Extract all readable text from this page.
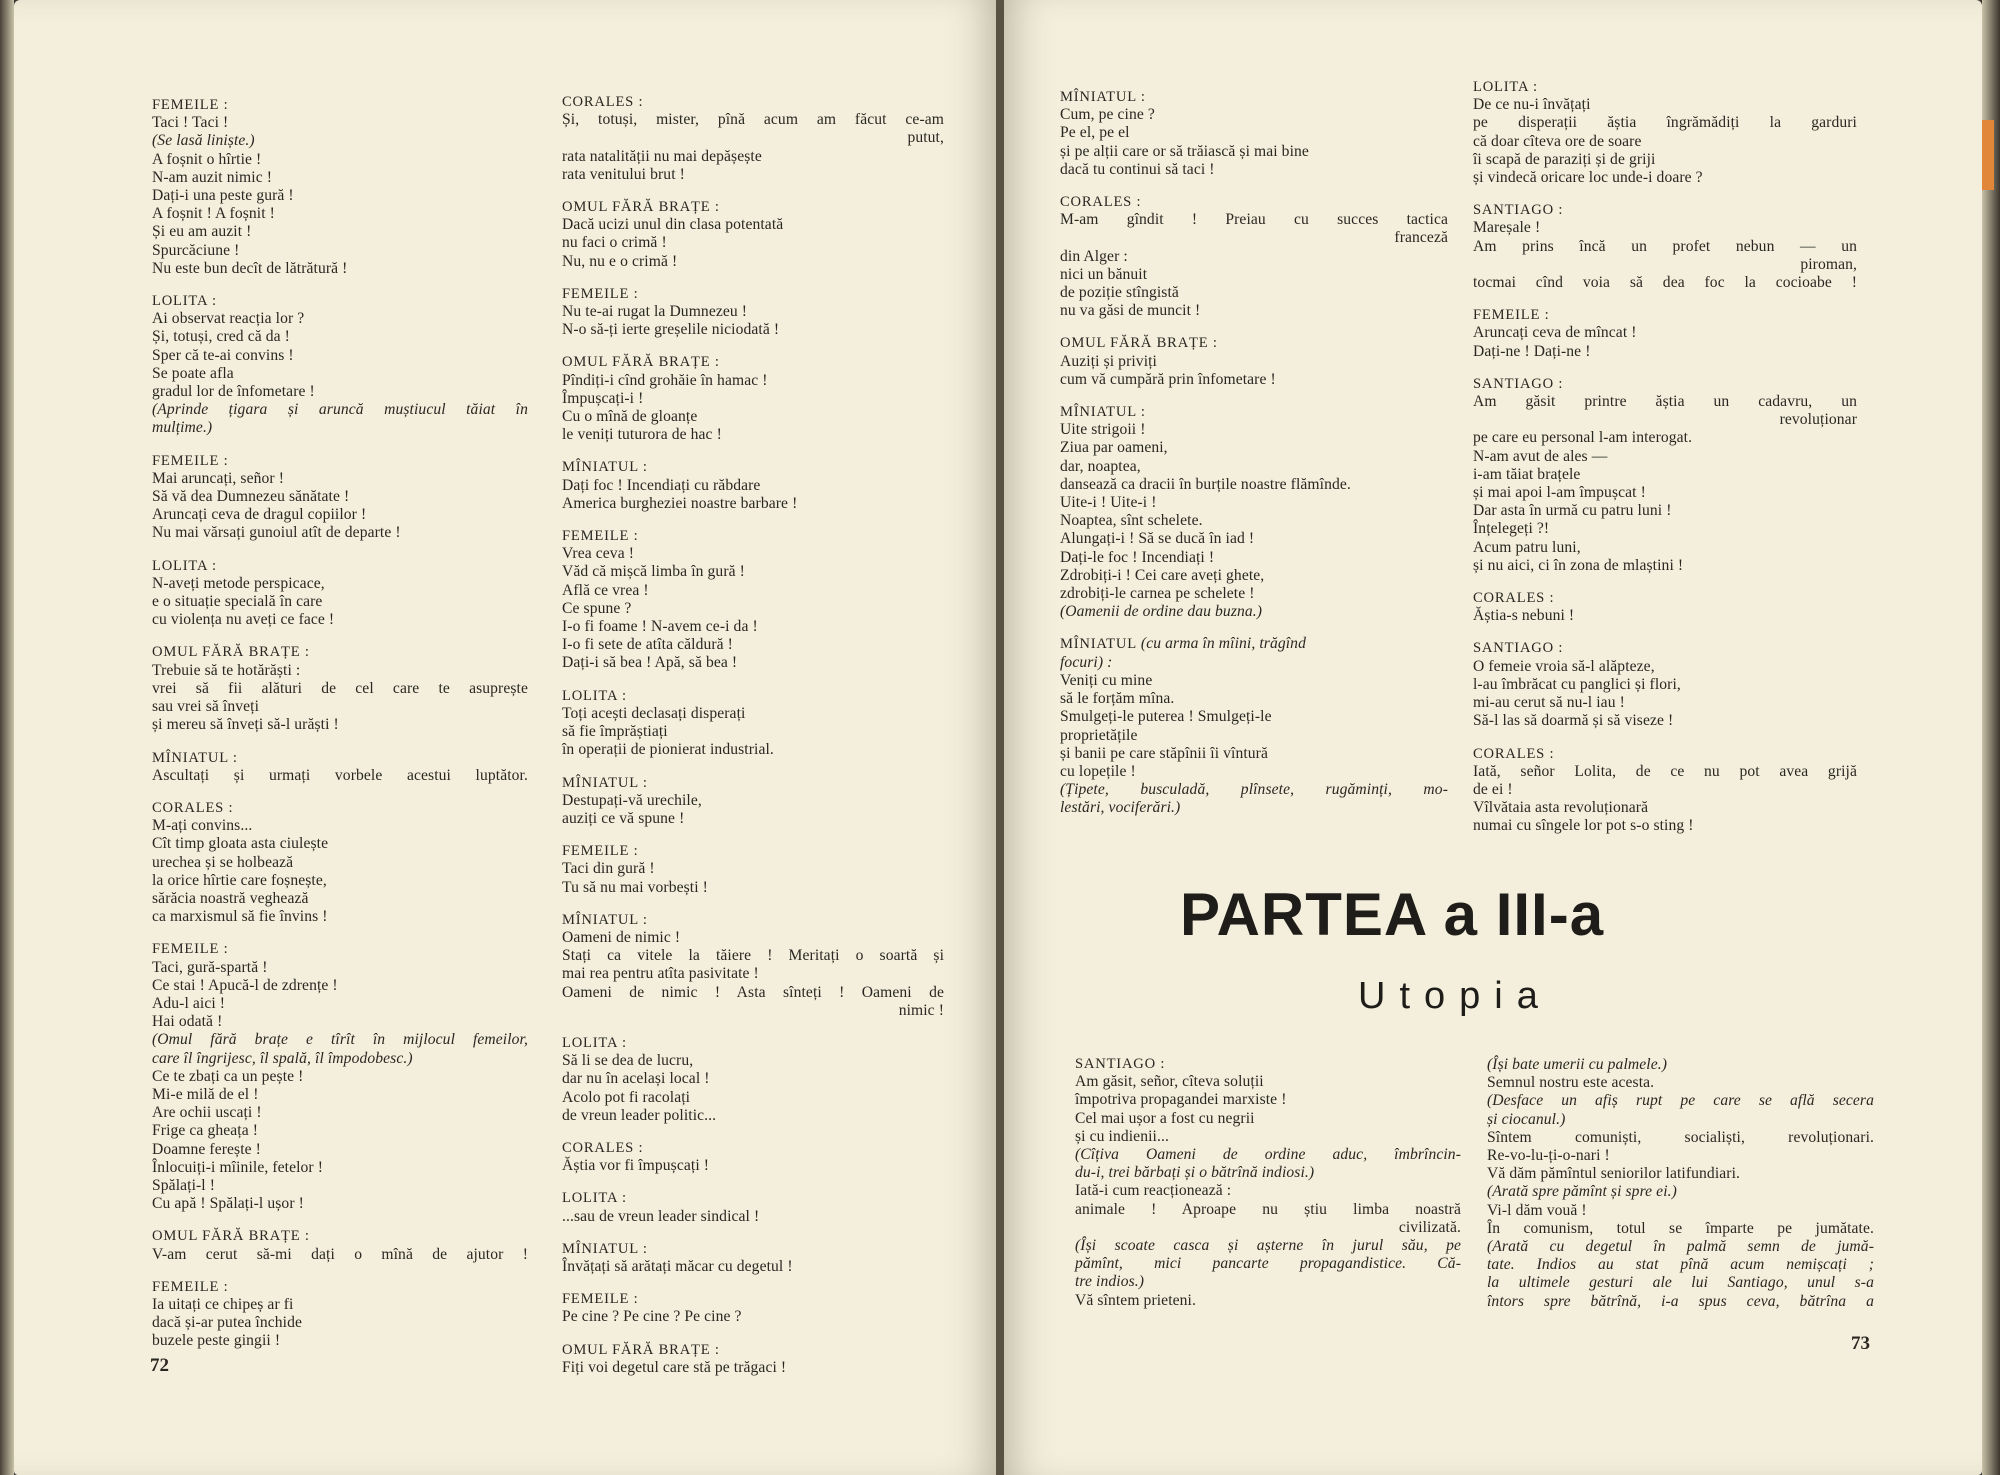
FEMEILE :
Taci ! Taci !
(Se lasă liniște.)
A foșnit o hîrtie !
N-am auzit nimic !
Dați-i una peste gură !
A foșnit ! A foșnit !
Și eu am auzit !
Spurcăciune !
Nu este bun decît de lătrătură !
LOLITA :
Ai observat reacția lor ?
Și, totuși, cred că da !
Sper că te-ai convins !
Se poate afla
gradul lor de înfometare !
(Aprinde țigara și aruncă muștiucul tăiat în
mulțime.)
FEMEILE :
Mai aruncați, señor !
Să vă dea Dumnezeu sănătate !
Aruncați ceva de dragul copiilor !
Nu mai vărsați gunoiul atît de departe !
LOLITA :
N-aveți metode perspicace,
e o situație specială în care
cu violența nu aveți ce face !
OMUL FĂRĂ BRAȚE :
Trebuie să te hotărăști :
vrei să fii alături de cel care te asuprește
sau vrei să înveți
și mereu să înveți să-l urăști !
MÎNIATUL :
Ascultați și urmați vorbele acestui luptător.
CORALES :
M-ați convins...
Cît timp gloata asta ciulește
urechea și se holbează
la orice hîrtie care foșnește,
sărăcia noastră veghează
ca marxismul să fie învins !
FEMEILE :
Taci, gură-spartă !
Ce stai ! Apucă-l de zdrențe !
Adu-l aici !
Hai odată !
(Omul fără brațe e tîrît în mijlocul femeilor,
care îl îngrijesc, îl spală, îl împodobesc.)
Ce te zbați ca un pește !
Mi-e milă de el !
Are ochii uscați !
Frige ca gheața !
Doamne ferește !
Înlocuiți-i mîinile, fetelor !
Spălați-l !
Cu apă ! Spălați-l ușor !
OMUL FĂRĂ BRAȚE :
V-am cerut să-mi dați o mînă de ajutor !
FEMEILE :
Ia uitați ce chipeș ar fi
dacă și-ar putea închide
buzele peste gingii !
CORALES :
Și, totuși, mister, pînă acum am făcut ce-am
putut,
rata natalității nu mai depășește
rata venitului brut !
OMUL FĂRĂ BRAȚE :
Dacă ucizi unul din clasa potentată
nu faci o crimă !
Nu, nu e o crimă !
FEMEILE :
Nu te-ai rugat la Dumnezeu !
N-o să-ți ierte greșelile niciodată !
OMUL FĂRĂ BRAȚE :
Pîndiți-i cînd grohăie în hamac !
Împușcați-i !
Cu o mînă de gloanțe
le veniți tuturora de hac !
MÎNIATUL :
Dați foc ! Incendiați cu răbdare
America burgheziei noastre barbare !
FEMEILE :
Vrea ceva !
Văd că mișcă limba în gură !
Află ce vrea !
Ce spune ?
I-o fi foame ! N-avem ce-i da !
I-o fi sete de atîta căldură !
Dați-i să bea ! Apă, să bea !
LOLITA :
Toți acești declasați disperați
să fie împrăștiați
în operații de pionierat industrial.
MÎNIATUL :
Destupați-vă urechile,
auziți ce vă spune !
FEMEILE :
Taci din gură !
Tu să nu mai vorbești !
MÎNIATUL :
Oameni de nimic !
Stați ca vitele la tăiere ! Meritați o soartă și
mai rea pentru atîta pasivitate !
Oameni de nimic ! Asta sînteți ! Oameni de
nimic !
LOLITA :
Să li se dea de lucru,
dar nu în același local !
Acolo pot fi racolați
de vreun leader politic...
CORALES :
Ăștia vor fi împușcați !
LOLITA :
...sau de vreun leader sindical !
MÎNIATUL :
Învățați să arătați măcar cu degetul !
FEMEILE :
Pe cine ? Pe cine ? Pe cine ?
OMUL FĂRĂ BRAȚE :
Fiți voi degetul care stă pe trăgaci !
72
MÎNIATUL :
Cum, pe cine ?
Pe el, pe el
și pe alții care or să trăiască și mai bine
dacă tu continui să taci !
CORALES :
M-am gîndit ! Preiau cu succes tactica
franceză
din Alger :
nici un bănuit
de poziție stîngistă
nu va găsi de muncit !
OMUL FĂRĂ BRAȚE :
Auziți și priviți
cum vă cumpără prin înfometare !
MÎNIATUL :
Uite strigoii !
Ziua par oameni,
dar, noaptea,
dansează ca dracii în burțile noastre flămînde.
Uite-i ! Uite-i !
Noaptea, sînt schelete.
Alungați-i ! Să se ducă în iad !
Dați-le foc ! Incendiați !
Zdrobiți-i ! Cei care aveți ghete,
zdrobiți-le carnea pe schelete !
(Oamenii de ordine dau buzna.)
MÎNIATUL (cu arma în mîini, trăgînd
focuri) :
Veniți cu mine
să le forțăm mîna.
Smulgeți-le puterea ! Smulgeți-le
proprietățile
și banii pe care stăpînii îi vîntură
cu lopețile !
(Țipete, busculadă, plînsete, rugăminți, mo-
lestări, vociferări.)
LOLITA :
De ce nu-i învățați
pe disperații ăștia îngrămădiți la garduri
că doar cîteva ore de soare
îi scapă de paraziți și de griji
și vindecă oricare loc unde-i doare ?
SANTIAGO :
Mareșale !
Am prins încă un profet nebun — un
piroman,
tocmai cînd voia să dea foc la cocioabe !
FEMEILE :
Aruncați ceva de mîncat !
Dați-ne ! Dați-ne !
SANTIAGO :
Am găsit printre ăștia un cadavru, un
revoluționar
pe care eu personal l-am interogat.
N-am avut de ales —
i-am tăiat brațele
și mai apoi l-am împușcat !
Dar asta în urmă cu patru luni !
Înțelegeți ?!
Acum patru luni,
și nu aici, ci în zona de mlaștini !
CORALES :
Ăștia-s nebuni !
SANTIAGO :
O femeie vroia să-l alăpteze,
l-au îmbrăcat cu panglici și flori,
mi-au cerut să nu-l iau !
Să-l las să doarmă și să viseze !
CORALES :
Iată, señor Lolita, de ce nu pot avea grijă
de ei !
Vîlvătaia asta revoluționară
numai cu sîngele lor pot s-o sting !
PARTEA a III-a
Utopia
SANTIAGO :
Am găsit, señor, cîteva soluții
împotriva propagandei marxiste !
Cel mai ușor a fost cu negrii
și cu indienii...
(Cîțiva Oameni de ordine aduc, îmbrîncin-
du-i, trei bărbați și o bătrînă indiosi.)
Iată-i cum reacționează :
animale ! Aproape nu știu limba noastră
civilizată.
(Își scoate casca și așterne în jurul său, pe
pămînt, mici pancarte propagandistice. Că-
tre indios.)
Vă sîntem prieteni.
(Își bate umerii cu palmele.)
Semnul nostru este acesta.
(Desface un afiș rupt pe care se află secera
și ciocanul.)
Sîntem comuniști, socialiști, revoluționari.
Re-vo-lu-ți-o-nari !
Vă dăm pămîntul seniorilor latifundiari.
(Arată spre pămînt și spre ei.)
Vi-l dăm vouă !
În comunism, totul se împarte pe jumătate.
(Arată cu degetul în palmă semn de jumă-
tate. Indios au stat pînă acum nemișcați ;
la ultimele gesturi ale lui Santiago, unul s-a
întors spre bătrînă, i-a spus ceva, bătrîna a
73
